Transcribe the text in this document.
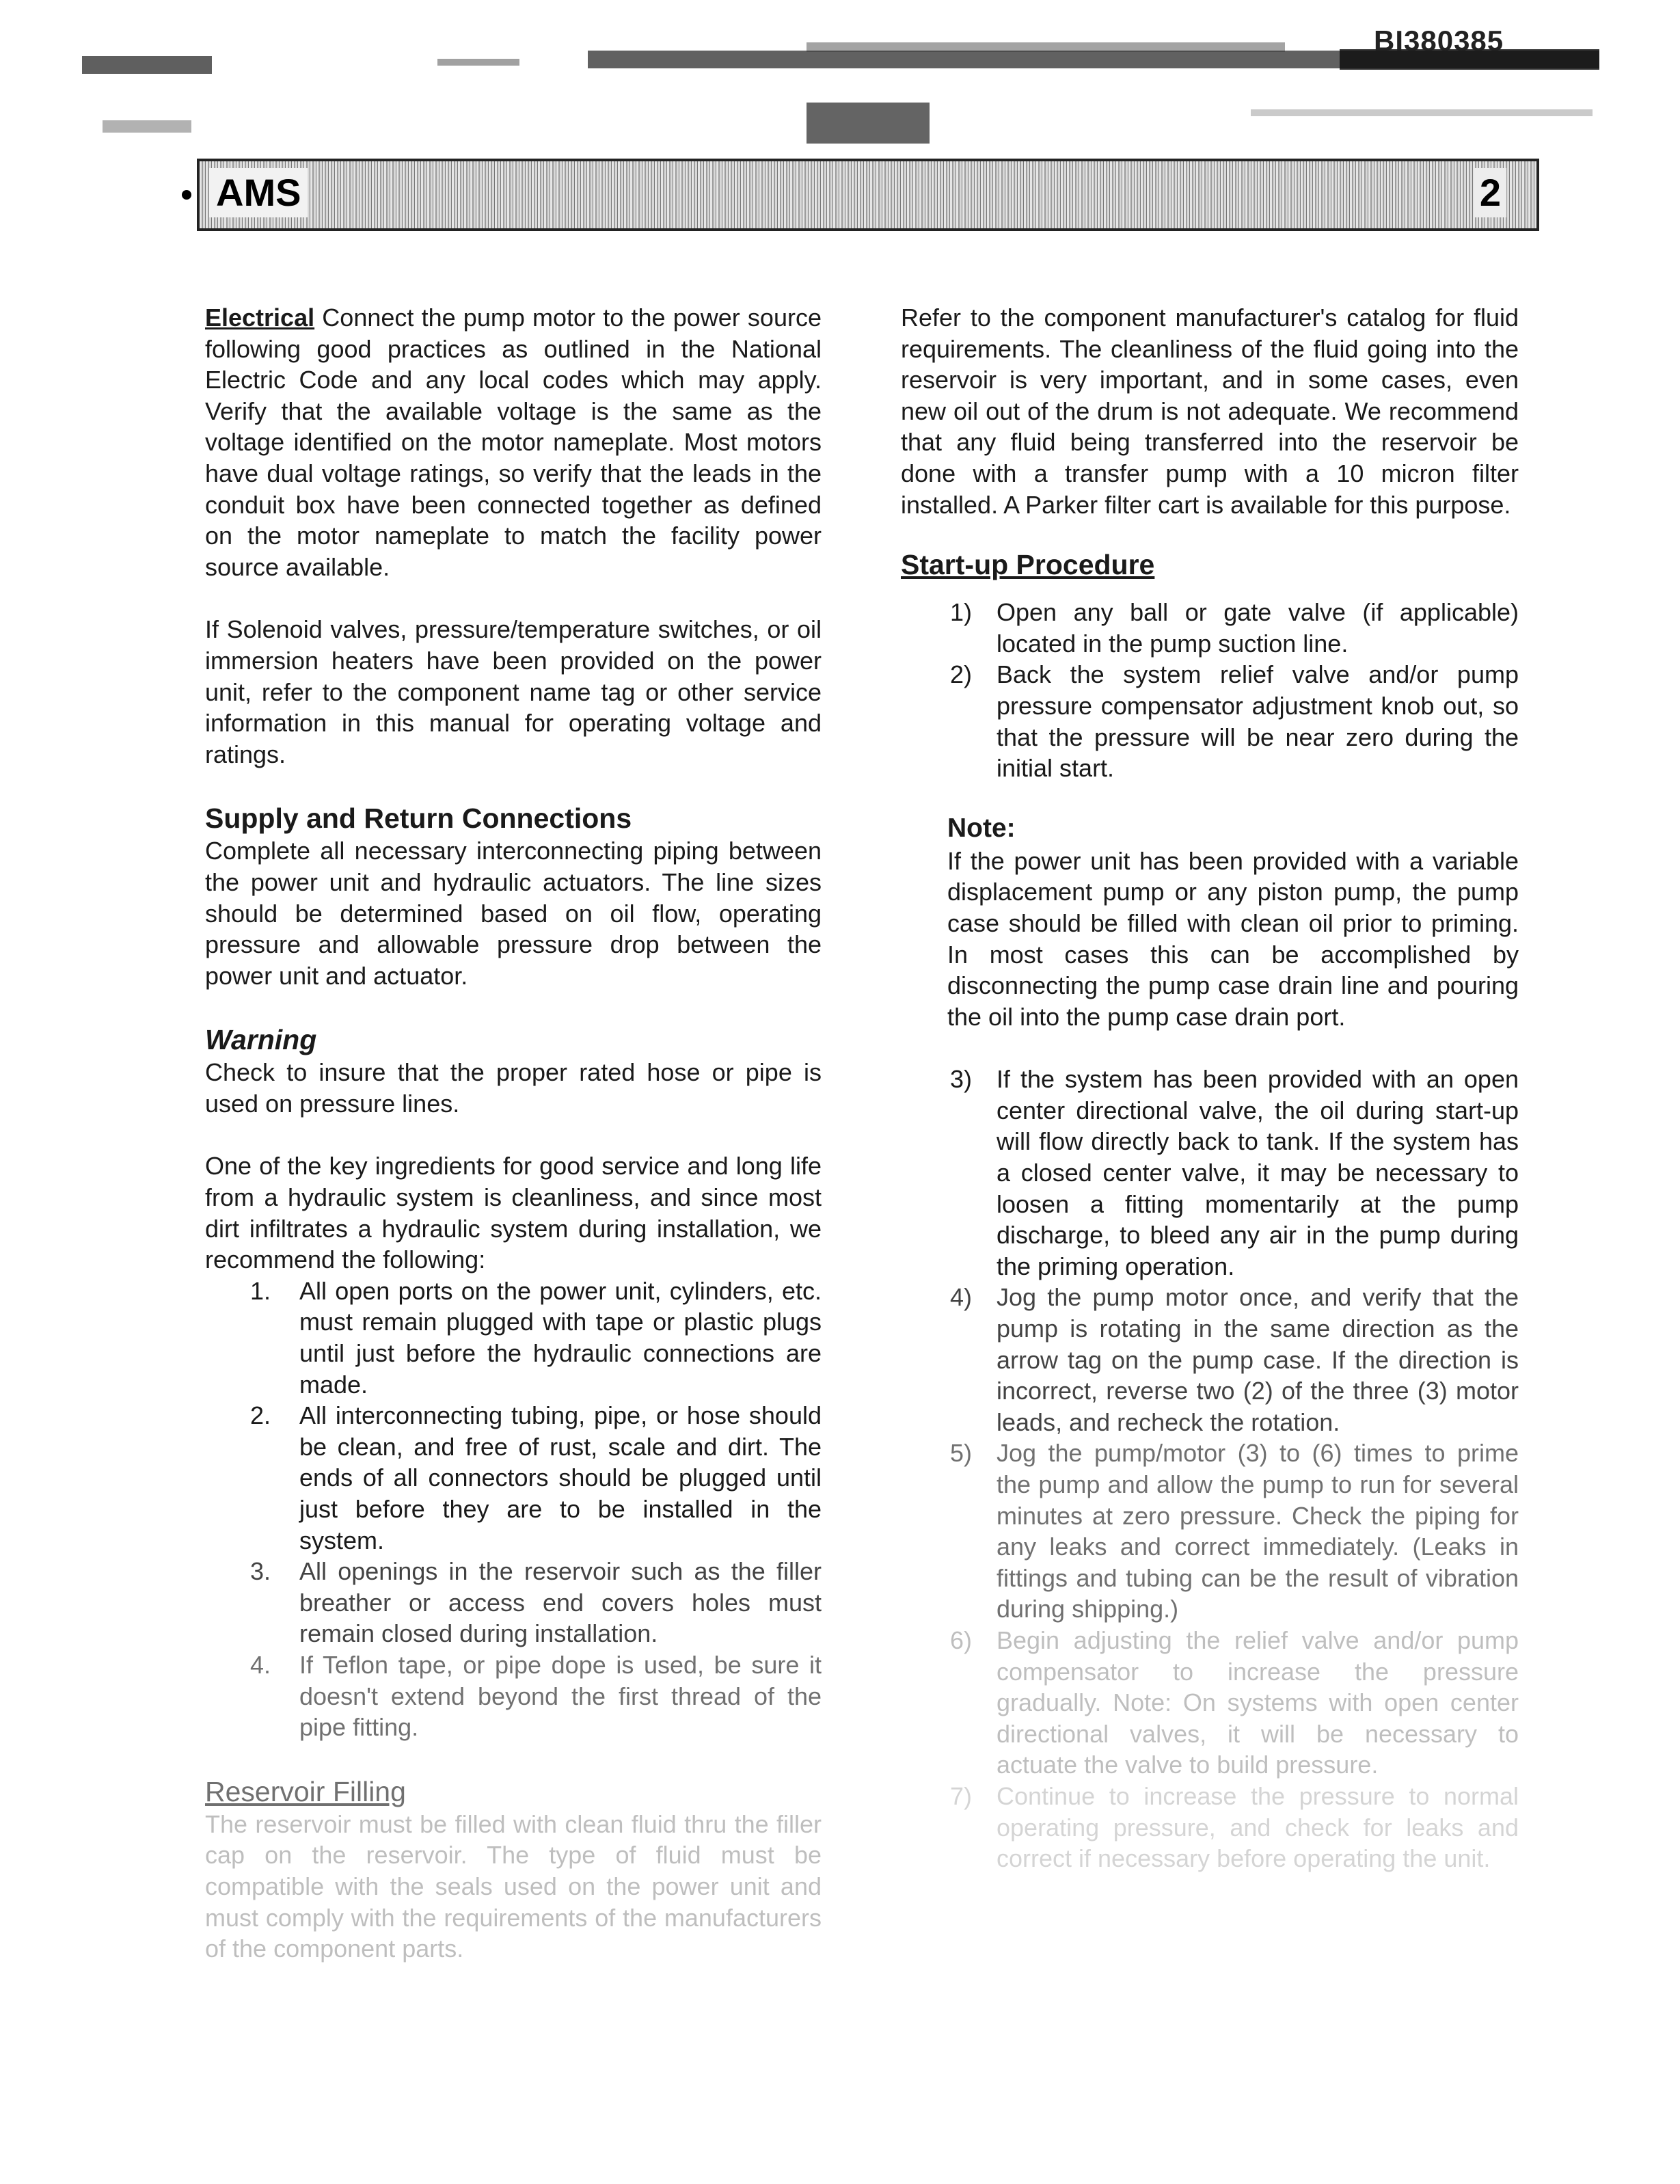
BI380385
AMS	2

Electrical Connect the pump motor to the power source following good practices as outlined in the National Electric Code and any local codes which may apply. Verify that the available voltage is the same as the voltage identified on the motor nameplate. Most motors have dual voltage ratings, so verify that the leads in the conduit box have been connected together as defined on the motor nameplate to match the facility power source available.

If Solenoid valves, pressure/temperature switches, or oil immersion heaters have been provided on the power unit, refer to the component name tag or other service information in this manual for operating voltage and ratings.

Supply and Return Connections

Complete all necessary interconnecting piping between the power unit and hydraulic actuators. The line sizes should be determined based on oil flow, operating pressure and allowable pressure drop between the power unit and actuator.

Warning

Check to insure that the proper rated hose or pipe is used on pressure lines.

One of the key ingredients for good service and long life from a hydraulic system is cleanliness, and since most dirt infiltrates a hydraulic system during installation, we recommend the following:

1. All open ports on the power unit, cylinders, etc. must remain plugged with tape or plastic plugs until just before the hydraulic connections are made.
2. All interconnecting tubing, pipe, or hose should be clean, and free of rust, scale and dirt. The ends of all connectors should be plugged until just before they are to be installed in the system.
3. All openings in the reservoir such as the filler breather or access end covers holes must remain closed during installation.
4. If Teflon tape, or pipe dope is used, be sure it doesn't extend beyond the first thread of the pipe fitting.
Reservoir Filling

The reservoir must be filled with clean fluid thru the filler cap on the reservoir. The type of fluid must be compatible with the seals used on the power unit and must comply with the requirements of the manufacturers of the component parts.

Refer to the component manufacturer's catalog for fluid requirements. The cleanliness of the fluid going into the reservoir is very important, and in some cases, even new oil out of the drum is not adequate. We recommend that any fluid being transferred into the reservoir be done with a transfer pump with a 10 micron filter installed. A Parker filter cart is available for this purpose.

Start-up Procedure
1) Open any ball or gate valve (if applicable) located in the pump suction line.
2) Back the system relief valve and/or pump pressure compensator adjustment knob out, so that the pressure will be near zero during the initial start.
Note:

If the power unit has been provided with a variable displacement pump or any piston pump, the pump case should be filled with clean oil prior to priming. In most cases this can be accomplished by disconnecting the pump case drain line and pouring the oil into the pump case drain port.

3) If the system has been provided with an open center directional valve, the oil during start-up will flow directly back to tank. If the system has a closed center valve, it may be necessary to loosen a fitting momentarily at the pump discharge, to bleed any air in the pump during the priming operation.
4) Jog the pump motor once, and verify that the pump is rotating in the same direction as the arrow tag on the pump case. If the direction is incorrect, reverse two (2) of the three (3) motor leads, and recheck the rotation.
5) Jog the pump/motor (3) to (6) times to prime the pump and allow the pump to run for several minutes at zero pressure. Check the piping for any leaks and correct immediately. (Leaks in fittings and tubing can be the result of vibration during shipping.)
6) Begin adjusting the relief valve and/or pump compensator to increase the pressure gradually. Note: On systems with open center directional valves, it will be necessary to actuate the valve to build pressure.
7) Continue to increase the pressure to normal operating pressure, and check for leaks and correct if necessary before operating the unit.
